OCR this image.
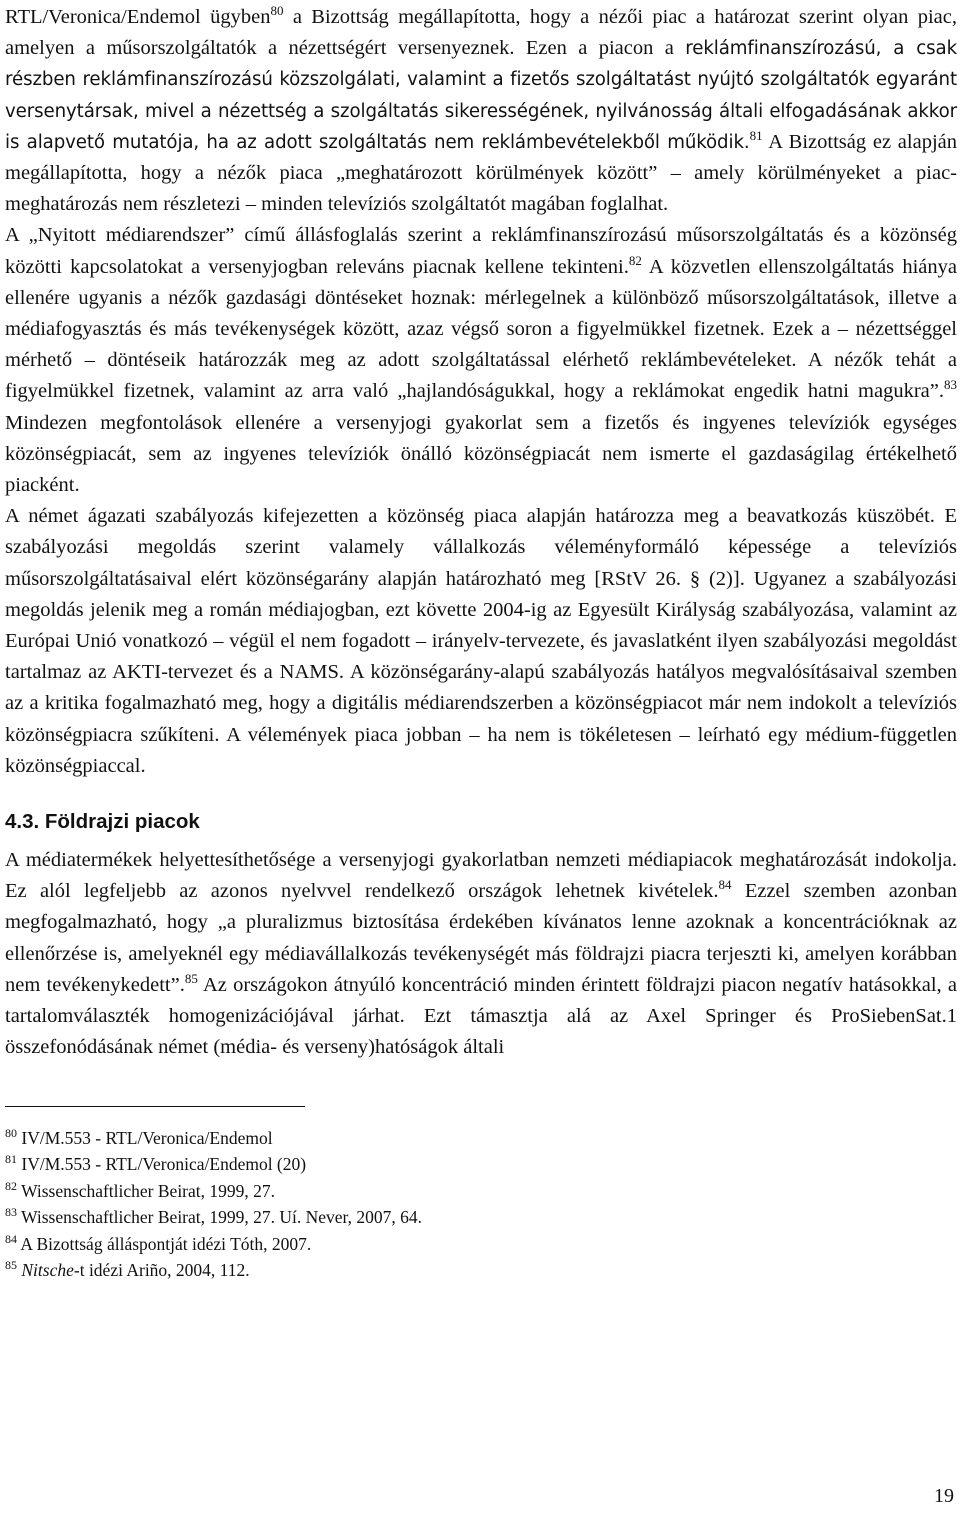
RTL/Veronica/Endemol ügyben$^{80}$ a Bizottság megállapította, hogy a nézői piac a határozat szerint olyan piac, amelyen a műsorszolgáltatók a nézettségért versenyeznek. Ezen a piacon a reklámfinanszírozású, a csak részben reklámfinanszírozású közszolgálati, valamint a fizetős szolgáltatást nyújtó szolgáltatók egyaránt versenytársak, mivel a nézettség a szolgáltatás sikerességének, nyilvánosság általi elfogadásának akkor is alapvető mutatója, ha az adott szolgáltatás nem reklámbevételekből működik.$^{81}$ A Bizottság ez alapján megállapította, hogy a nézők piaca „meghatározott körülmények között” – amely körülményeket a piac-meghatározás nem részletezi – minden televíziós szolgáltatót magában foglalhat.

A „Nyitott médiarendszer” című állásfoglalás szerint a reklámfinanszírozású műsorszolgáltatás és a közönség közötti kapcsolatokat a versenyjogban releváns piacnak kellene tekinteni.$^{82}$ A közvetlen ellenszolgáltatás hiánya ellenére ugyanis a nézők gazdasági döntéseket hoznak: mérlegelnek a különböző műsorszolgáltatások, illetve a médiafogyasztás és más tevékenységek között, azaz végső soron a figyelmükkel fizetnek. Ezek a – nézettséggel mérhető – döntéseik határozzák meg az adott szolgáltatással elérhető reklámbevételeket. A nézők tehát a figyelmükkel fizetnek, valamint az arra való „hajlandóságukkal, hogy a reklámokat engedik hatni magukra”.$^{83}$ Mindezen megfontolások ellenére a versenyjogi gyakorlat sem a fizetős és ingyenes televíziók egységes közönségpiacát, sem az ingyenes televíziók önálló közönségpiacát nem ismerte el gazdaságilag értékelhető piacként.

A német ágazati szabályozás kifejezetten a közönség piaca alapján határozza meg a beavatkozás küszöbét. E szabályozási megoldás szerint valamely vállalkozás véleményformáló képessége a televíziós műsorszolgáltatásaival elért közönségarány alapján határozható meg [RStV 26. § (2)]. Ugyanez a szabályozási megoldás jelenik meg a román médiajogban, ezt követte 2004-ig az Egyesült Királyság szabályozása, valamint az Európai Unió vonatkozó – végül el nem fogadott – irányelv-tervezete, és javaslatként ilyen szabályozási megoldást tartalmaz az AKTI-tervezet és a NAMS. A közönségarány-alapú szabályozás hatályos megvalósításaival szemben az a kritika fogalmazható meg, hogy a digitális médiarendszerben a közönségpiacot már nem indokolt a televíziós közönségpiacra szűkíteni. A vélemények piaca jobban – ha nem is tökéletesen – leírható egy médium-független közönségpiaccal.

4.3. Földrajzi piacok

A médiatermékek helyettesíthetősége a versenyjogi gyakorlatban nemzeti médiapiacok meghatározását indokolja. Ez alól legfeljebb az azonos nyelvvel rendelkező országok lehetnek kivételek.$^{84}$ Ezzel szemben azonban megfogalmazható, hogy „a pluralizmus biztosítása érdekében kívánatos lenne azoknak a koncentrációknak az ellenőrzése is, amelyeknél egy médiavállalkozás tevékenységét más földrajzi piacra terjeszti ki, amelyen korábban nem tevékenykedett”.$^{85}$ Az országokon átnyúló koncentráció minden érintett földrajzi piacon negatív hatásokkal, a tartalomválaszték homogenizációjával járhat. Ezt támasztja alá az Axel Springer és ProSiebenSat.1 összefonódásának német (média- és verseny)hatóságok általi

$^{80}$ IV/M.553 - RTL/Veronica/Endemol

$^{81}$ IV/M.553 - RTL/Veronica/Endemol (20)

$^{82}$ Wissenschaftlicher Beirat, 1999, 27.

$^{83}$ Wissenschaftlicher Beirat, 1999, 27. Uí. Never, 2007, 64.

$^{84}$ A Bizottság álláspontját idézi Tóth, 2007.

$^{85}$ Nitsche-t idézi Ariño, 2004, 112.

19
